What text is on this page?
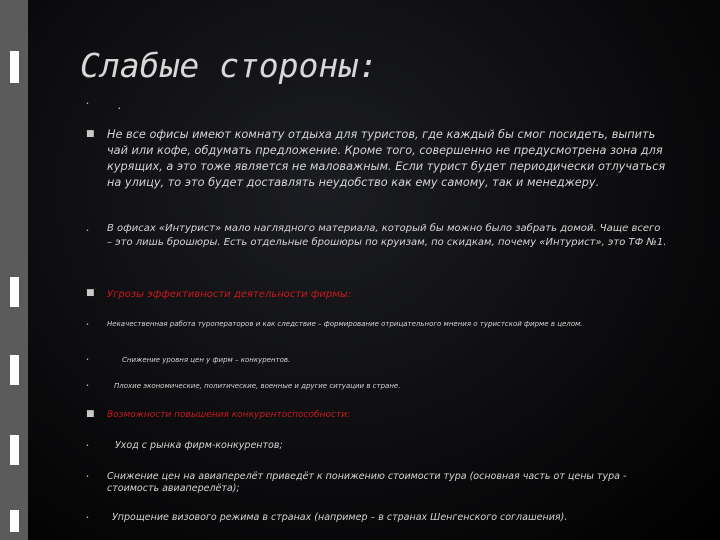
Слабые стороны:
•	.
■ Не все офисы имеют комнату отдыха для туристов, где каждый бы смог посидеть, выпить чай или кофе, обдумать предложение. Кроме того, совершенно не предусмотрена зона для курящих, а это тоже является не маловажным. Если турист будет периодически отлучаться на улицу, то это будет доставлять неудобство как ему самому, так и менеджеру.
• В офисах «Интурист» мало наглядного материала, который бы можно было забрать домой. Чаще всего – это лишь брошюры. Есть отдельные брошюры по круизам, по скидкам, почему «Интурист», это ТФ №1.
■ Угрозы эффективности деятельности фирмы:
•	Некачественная работа туроператоров и как следствие – формирование отрицательного мнения о туристской фирме в целом.
•	Снижение уровня цен у фирм – конкурентов.
•	Плохие экономические, политические, военные и другие ситуации в стране.
■ Возможности повышения конкурентоспособности:
•	Уход с рынка фирм-конкурентов;
• Снижение цен на авиаперелёт приведёт к понижению стоимости тура (основная часть от цены тура - стоимость авиаперелёта);
• Упрощение визового режима в странах (например – в странах Шенгенского соглашения).
